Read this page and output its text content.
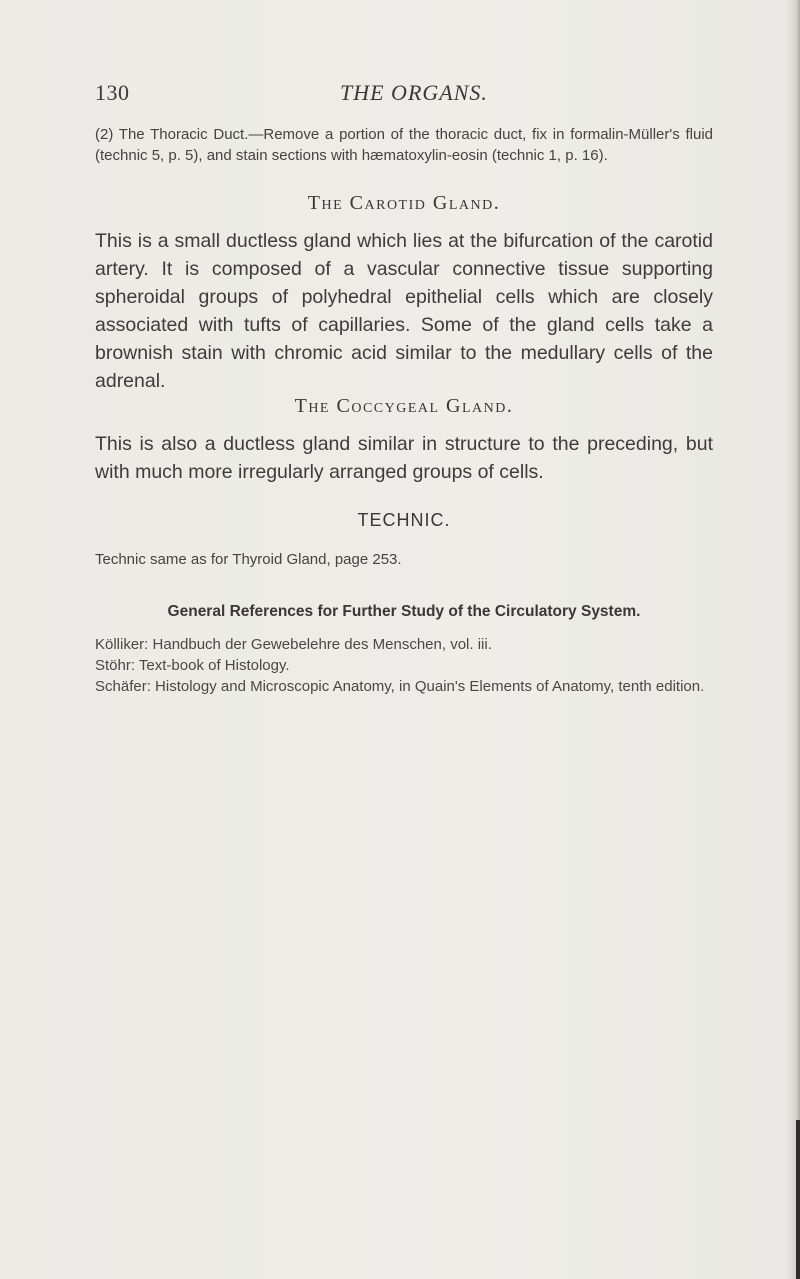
130	THE ORGANS.
(2) The Thoracic Duct.—Remove a portion of the thoracic duct, fix in formalin-Müller's fluid (technic 5, p. 5), and stain sections with hæmatoxylin-eosin (technic 1, p. 16).
The Carotid Gland.
This is a small ductless gland which lies at the bifurcation of the carotid artery. It is composed of a vascular connective tissue supporting spheroidal groups of polyhedral epithelial cells which are closely associated with tufts of capillaries. Some of the gland cells take a brownish stain with chromic acid similar to the medullary cells of the adrenal.
The Coccygeal Gland.
This is also a ductless gland similar in structure to the preceding, but with much more irregularly arranged groups of cells.
TECHNIC.
Technic same as for Thyroid Gland, page 253.
General References for Further Study of the Circulatory System.
Kölliker: Handbuch der Gewebelehre des Menschen, vol. iii.
Stöhr: Text-book of Histology.
Schäfer: Histology and Microscopic Anatomy, in Quain's Elements of Anatomy, tenth edition.
